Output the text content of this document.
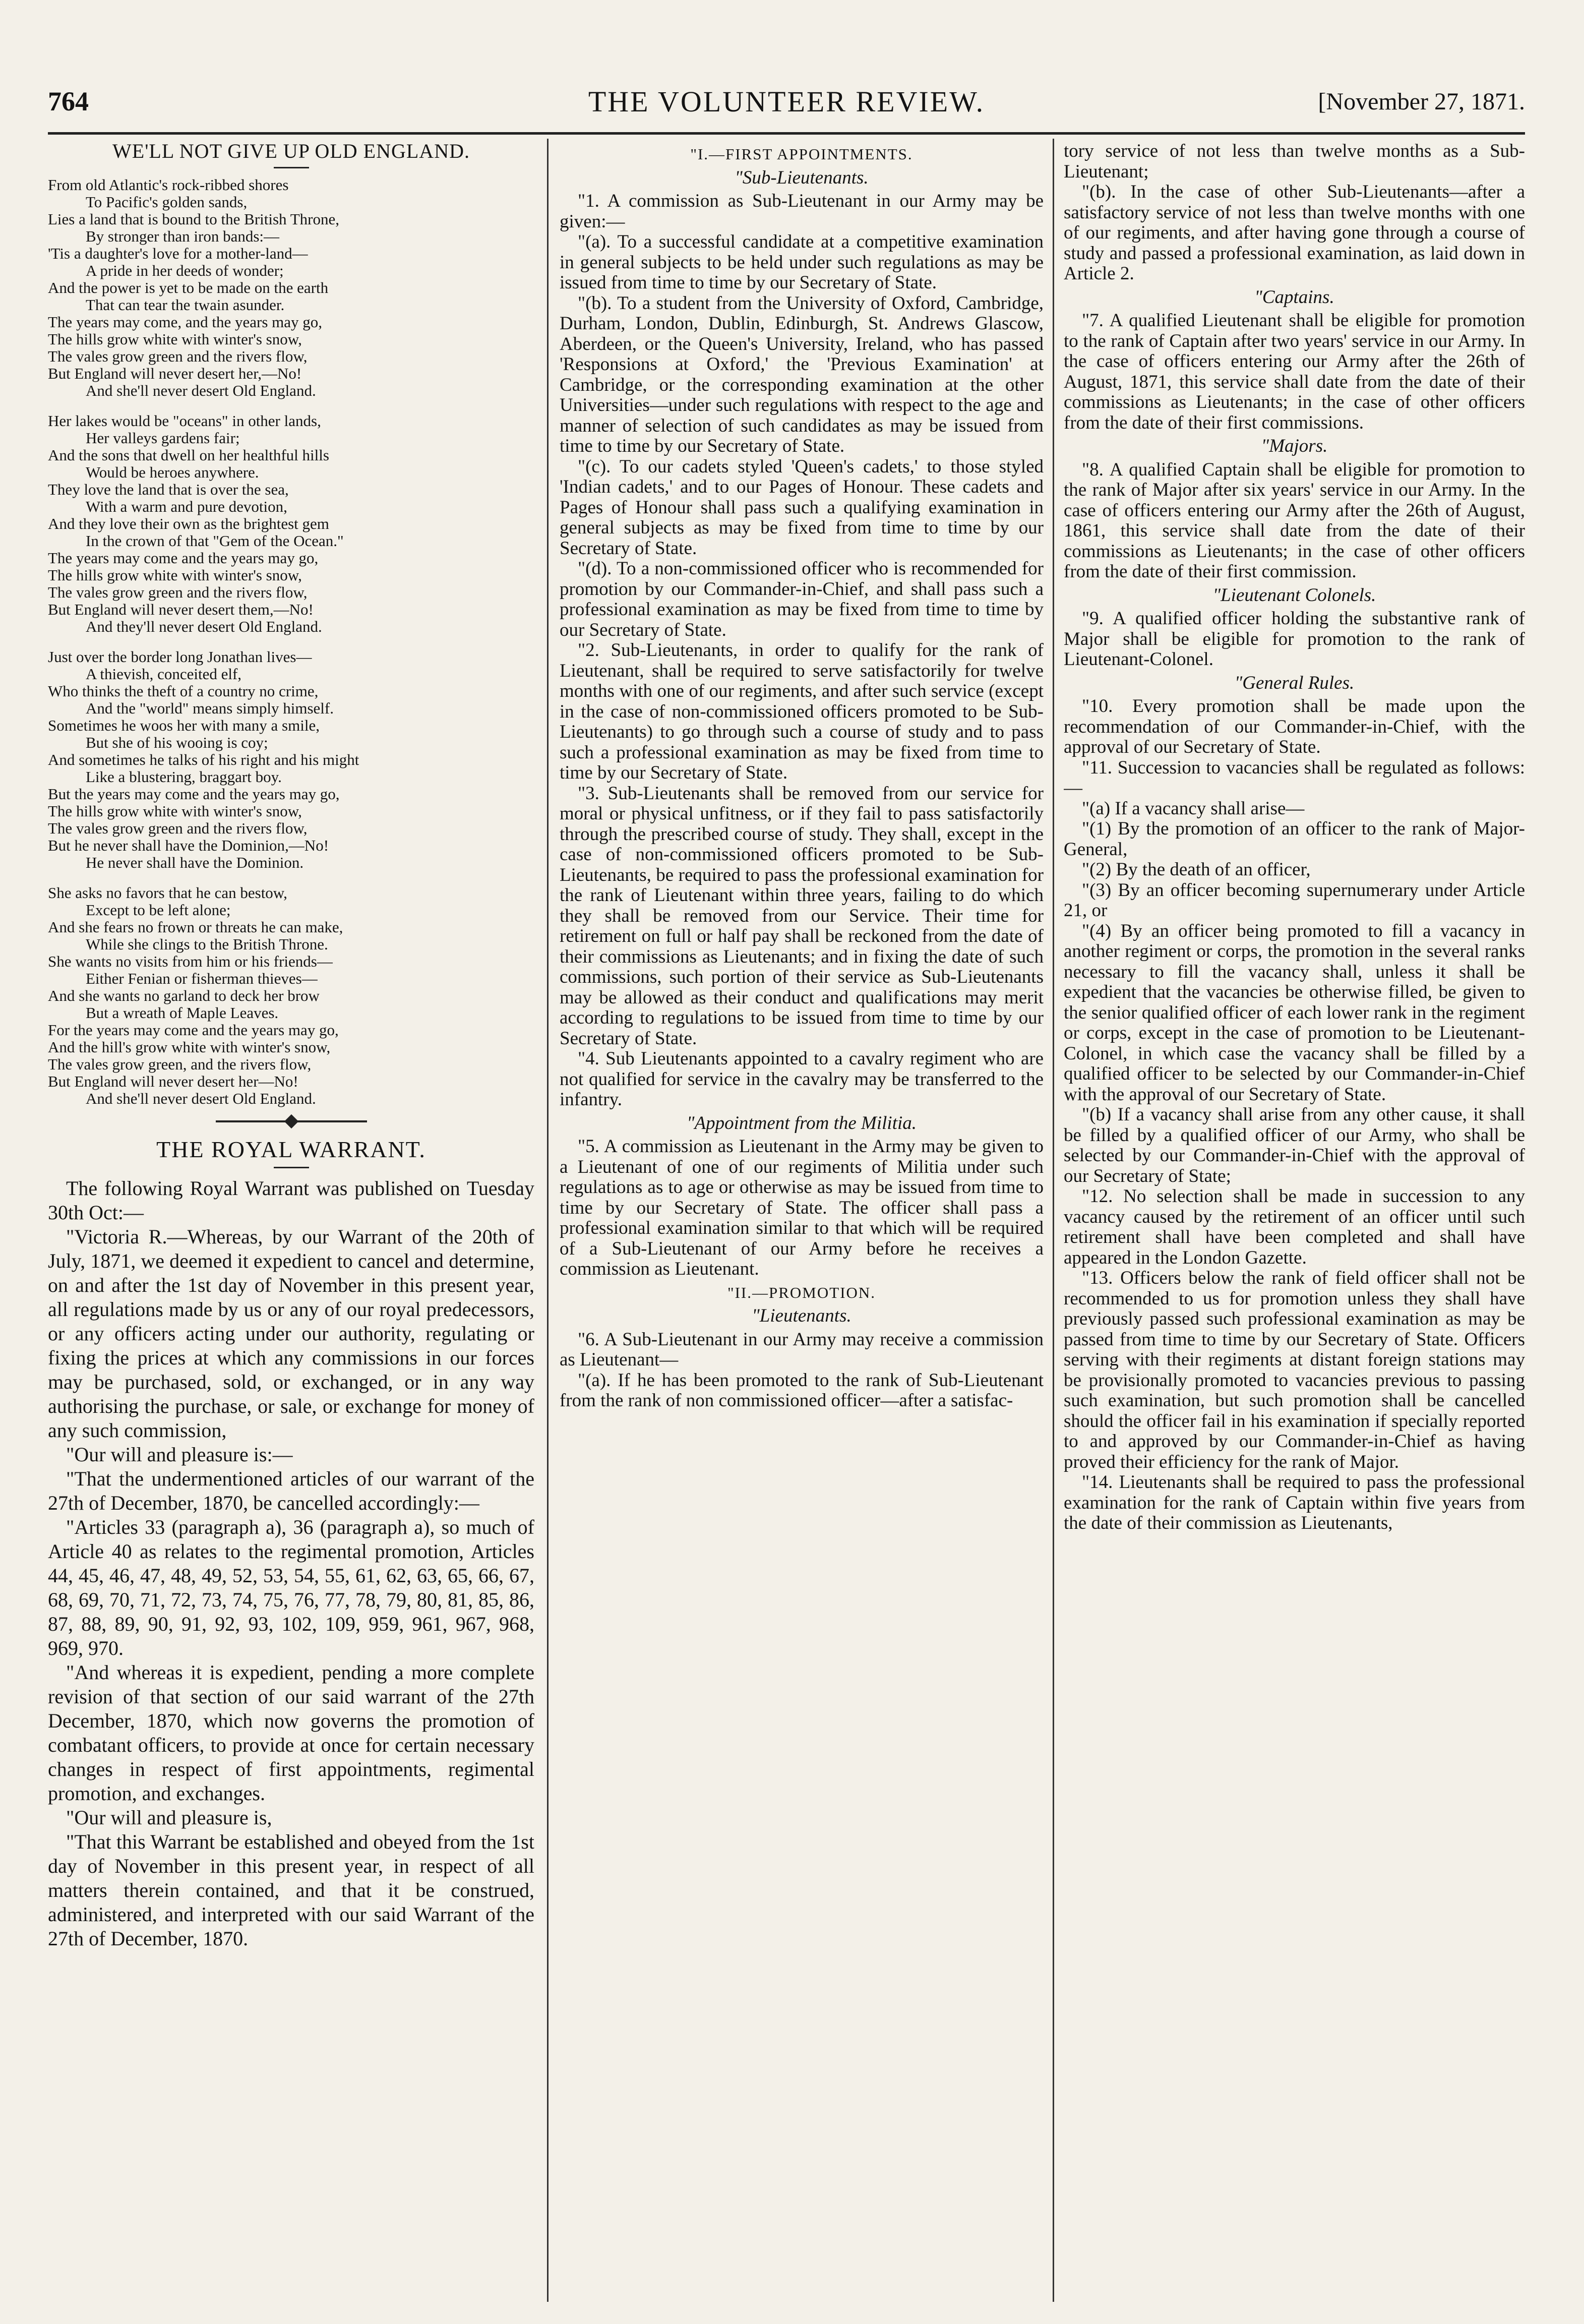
764	THE VOLUNTEER REVIEW.	[November 27, 1871.
WE'LL NOT GIVE UP OLD ENGLAND.
From old Atlantic's rock-ribbed shores
To Pacific's golden sands,
Lies a land that is bound to the British Throne,
By stronger than iron bands:—
'Tis a daughter's love for a mother-land—
A pride in her deeds of wonder;
And the power is yet to be made on the earth
That can tear the twain asunder.
The years may come, and the years may go,
The hills grow white with winter's snow,
The vales grow green and the rivers flow,
But England will never desert her,—No!
And she'll never desert Old England.
Her lakes would be "oceans" in other lands,
Her valleys gardens fair;
And the sons that dwell on her healthful hills
Would be heroes anywhere.
They love the land that is over the sea,
With a warm and pure devotion,
And they love their own as the brightest gem
In the crown of that "Gem of the Ocean."
The years may come and the years may go,
The hills grow white with winter's snow,
The vales grow green and the rivers flow,
But England will never desert them,—No!
And they'll never desert Old England.
Just over the border long Jonathan lives—
A thievish, conceited elf,
Who thinks the theft of a country no crime,
And the "world" means simply himself.
Sometimes he woos her with many a smile,
But she of his wooing is coy;
And sometimes he talks of his right and his might
Like a blustering, braggart boy.
But the years may come and the years may go,
The hills grow white with winter's snow,
The vales grow green and the rivers flow,
But he never shall have the Dominion,—No!
He never shall have the Dominion.
She asks no favors that he can bestow,
Except to be left alone;
And she fears no frown or threats he can make,
While she clings to the British Throne.
She wants no visits from him or his friends—
Either Fenian or fisherman thieves—
And she wants no garland to deck her brow
But a wreath of Maple Leaves.
For the years may come and the years may go,
And the hill's grow white with winter's snow,
The vales grow green, and the rivers flow,
But England will never desert her—No!
And she'll never desert Old England.
THE ROYAL WARRANT.

The following Royal Warrant was published on Tuesday 30th Oct:—

"Victoria R.—Whereas, by our Warrant of the 20th of July, 1871, we deemed it expedient to cancel and determine, on and after the 1st day of November in this present year, all regulations made by us or any of our royal predecessors, or any officers acting under our authority, regulating or fixing the prices at which any commissions in our forces may be purchased, sold, or exchanged, or in any way authorising the purchase, or sale, or exchange for money of any such commission,

"Our will and pleasure is:—

"That the undermentioned articles of our warrant of the 27th of December, 1870, be cancelled accordingly:—

"Articles 33 (paragraph a), 36 (paragraph a), so much of Article 40 as relates to the regimental promotion, Articles 44, 45, 46, 47, 48, 49, 52, 53, 54, 55, 61, 62, 63, 65, 66, 67, 68, 69, 70, 71, 72, 73, 74, 75, 76, 77, 78, 79, 80, 81, 85, 86, 87, 88, 89, 90, 91, 92, 93, 102, 109, 959, 961, 967, 968, 969, 970.

"And whereas it is expedient, pending a more complete revision of that section of our said warrant of the 27th December, 1870, which now governs the promotion of combatant officers, to provide at once for certain necessary changes in respect of first appointments, regimental promotion, and exchanges.

"Our will and pleasure is,

"That this Warrant be established and obeyed from the 1st day of November in this present year, in respect of all matters therein contained, and that it be construed, administered, and interpreted with our said Warrant of the 27th of December, 1870.

"I.—FIRST APPOINTMENTS.
"Sub-Lieutenants.

"1. A commission as Sub-Lieutenant in our Army may be given:—

"(a). To a successful candidate at a competitive examination in general subjects to be held under such regulations as may be issued from time to time by our Secretary of State.

"(b). To a student from the University of Oxford, Cambridge, Durham, London, Dublin, Edinburgh, St. Andrews Glascow, Aberdeen, or the Queen's University, Ireland, who has passed 'Responsions at Oxford,' the 'Previous Examination' at Cambridge, or the corresponding examination at the other Universities—under such regulations with respect to the age and manner of selection of such candidates as may be issued from time to time by our Secretary of State.

"(c). To our cadets styled 'Queen's cadets,' to those styled 'Indian cadets,' and to our Pages of Honour. These cadets and Pages of Honour shall pass such a qualifying examination in general subjects as may be fixed from time to time by our Secretary of State.

"(d). To a non-commissioned officer who is recommended for promotion by our Commander-in-Chief, and shall pass such a professional examination as may be fixed from time to time by our Secretary of State.

"2. Sub-Lieutenants, in order to qualify for the rank of Lieutenant, shall be required to serve satisfactorily for twelve months with one of our regiments, and after such service (except in the case of non-commissioned officers promoted to be Sub-Lieutenants) to go through such a course of study and to pass such a professional examination as may be fixed from time to time by our Secretary of State.

"3. Sub-Lieutenants shall be removed from our service for moral or physical unfitness, or if they fail to pass satisfactorily through the prescribed course of study. They shall, except in the case of non-commissioned officers promoted to be Sub-Lieutenants, be required to pass the professional examination for the rank of Lieutenant within three years, failing to do which they shall be removed from our Service. Their time for retirement on full or half pay shall be reckoned from the date of their commissions as Lieutenants; and in fixing the date of such commissions, such portion of their service as Sub-Lieutenants may be allowed as their conduct and qualifications may merit according to regulations to be issued from time to time by our Secretary of State.

"4. Sub Lieutenants appointed to a cavalry regiment who are not qualified for service in the cavalry may be transferred to the infantry.

"Appointment from the Militia.

"5. A commission as Lieutenant in the Army may be given to a Lieutenant of one of our regiments of Militia under such regulations as to age or otherwise as may be issued from time to time by our Secretary of State. The officer shall pass a professional examination similar to that which will be required of a Sub-Lieutenant of our Army before he receives a commission as Lieutenant.

"II.—PROMOTION.
"Lieutenants.

"6. A Sub-Lieutenant in our Army may receive a commission as Lieutenant—

"(a). If he has been promoted to the rank of Sub-Lieutenant from the rank of non commissioned officer—after a satisfac-

tory service of not less than twelve months as a Sub-Lieutenant;

"(b). In the case of other Sub-Lieutenants—after a satisfactory service of not less than twelve months with one of our regiments, and after having gone through a course of study and passed a professional examination, as laid down in Article 2.

"Captains.

"7. A qualified Lieutenant shall be eligible for promotion to the rank of Captain after two years' service in our Army. In the case of officers entering our Army after the 26th of August, 1871, this service shall date from the date of their commissions as Lieutenants; in the case of other officers from the date of their first commissions.

"Majors.

"8. A qualified Captain shall be eligible for promotion to the rank of Major after six years' service in our Army. In the case of officers entering our Army after the 26th of August, 1861, this service shall date from the date of their commissions as Lieutenants; in the case of other officers from the date of their first commission.

"Lieutenant Colonels.

"9. A qualified officer holding the substantive rank of Major shall be eligible for promotion to the rank of Lieutenant-Colonel.

"General Rules.

"10. Every promotion shall be made upon the recommendation of our Commander-in-Chief, with the approval of our Secretary of State.

"11. Succession to vacancies shall be regulated as follows:—

"(a) If a vacancy shall arise—

"(1) By the promotion of an officer to the rank of Major-General,

"(2) By the death of an officer,

"(3) By an officer becoming supernumerary under Article 21, or

"(4) By an officer being promoted to fill a vacancy in another regiment or corps, the promotion in the several ranks necessary to fill the vacancy shall, unless it shall be expedient that the vacancies be otherwise filled, be given to the senior qualified officer of each lower rank in the regiment or corps, except in the case of promotion to be Lieutenant-Colonel, in which case the vacancy shall be filled by a qualified officer to be selected by our Commander-in-Chief with the approval of our Secretary of State.

"(b) If a vacancy shall arise from any other cause, it shall be filled by a qualified officer of our Army, who shall be selected by our Commander-in-Chief with the approval of our Secretary of State;

"12. No selection shall be made in succession to any vacancy caused by the retirement of an officer until such retirement shall have been completed and shall have appeared in the London Gazette.

"13. Officers below the rank of field officer shall not be recommended to us for promotion unless they shall have previously passed such professional examination as may be passed from time to time by our Secretary of State. Officers serving with their regiments at distant foreign stations may be provisionally promoted to vacancies previous to passing such examination, but such promotion shall be cancelled should the officer fail in his examination if specially reported to and approved by our Commander-in-Chief as having proved their efficiency for the rank of Major.

"14. Lieutenants shall be required to pass the professional examination for the rank of Captain within five years from the date of their commission as Lieutenants,
